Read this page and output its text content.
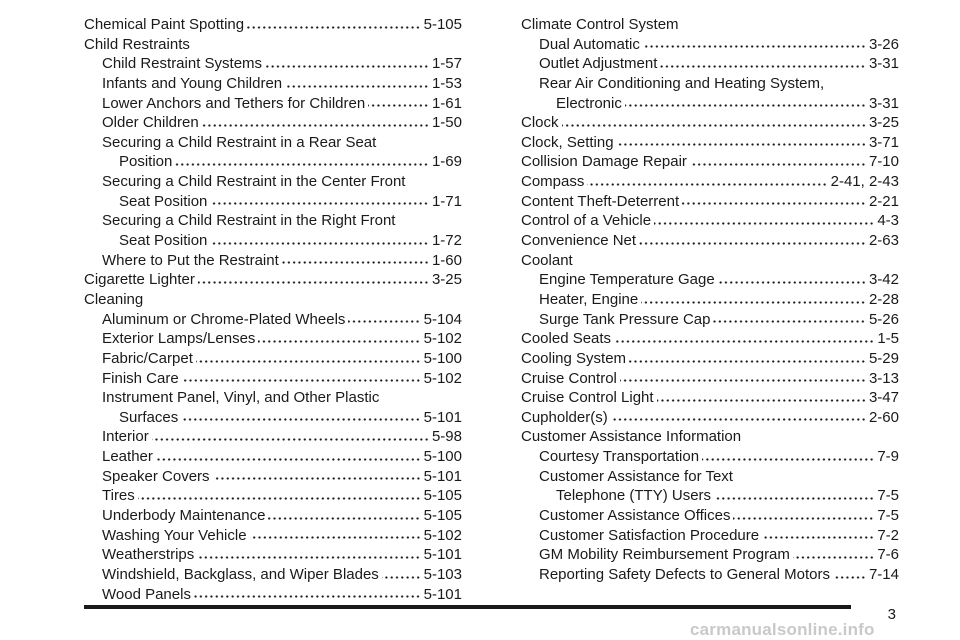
Chemical Paint Spotting	5-105
Child Restraints
Child Restraint Systems	1-57
Infants and Young Children	1-53
Lower Anchors and Tethers for Children	1-61
Older Children	1-50
Securing a Child Restraint in a Rear Seat
Position	1-69
Securing a Child Restraint in the Center Front
Seat Position	1-71
Securing a Child Restraint in the Right Front
Seat Position	1-72
Where to Put the Restraint	1-60
Cigarette Lighter	3-25
Cleaning
Aluminum or Chrome-Plated Wheels	5-104
Exterior Lamps/Lenses	5-102
Fabric/Carpet	5-100
Finish Care	5-102
Instrument Panel, Vinyl, and Other Plastic
Surfaces	5-101
Interior	5-98
Leather	5-100
Speaker Covers	5-101
Tires	5-105
Underbody Maintenance	5-105
Washing Your Vehicle	5-102
Weatherstrips	5-101
Windshield, Backglass, and Wiper Blades	5-103
Wood Panels	5-101
Climate Control System
Dual Automatic	3-26
Outlet Adjustment	3-31
Rear Air Conditioning and Heating System,
Electronic	3-31
Clock	3-25
Clock, Setting	3-71
Collision Damage Repair	7-10
Compass	2-41, 2-43
Content Theft-Deterrent	2-21
Control of a Vehicle	4-3
Convenience Net	2-63
Coolant
Engine Temperature Gage	3-42
Heater, Engine	2-28
Surge Tank Pressure Cap	5-26
Cooled Seats	1-5
Cooling System	5-29
Cruise Control	3-13
Cruise Control Light	3-47
Cupholder(s)	2-60
Customer Assistance Information
Courtesy Transportation	7-9
Customer Assistance for Text
Telephone (TTY) Users	7-5
Customer Assistance Offices	7-5
Customer Satisfaction Procedure	7-2
GM Mobility Reimbursement Program	7-6
Reporting Safety Defects to General Motors	7-14
3
carmanualsonline.info
